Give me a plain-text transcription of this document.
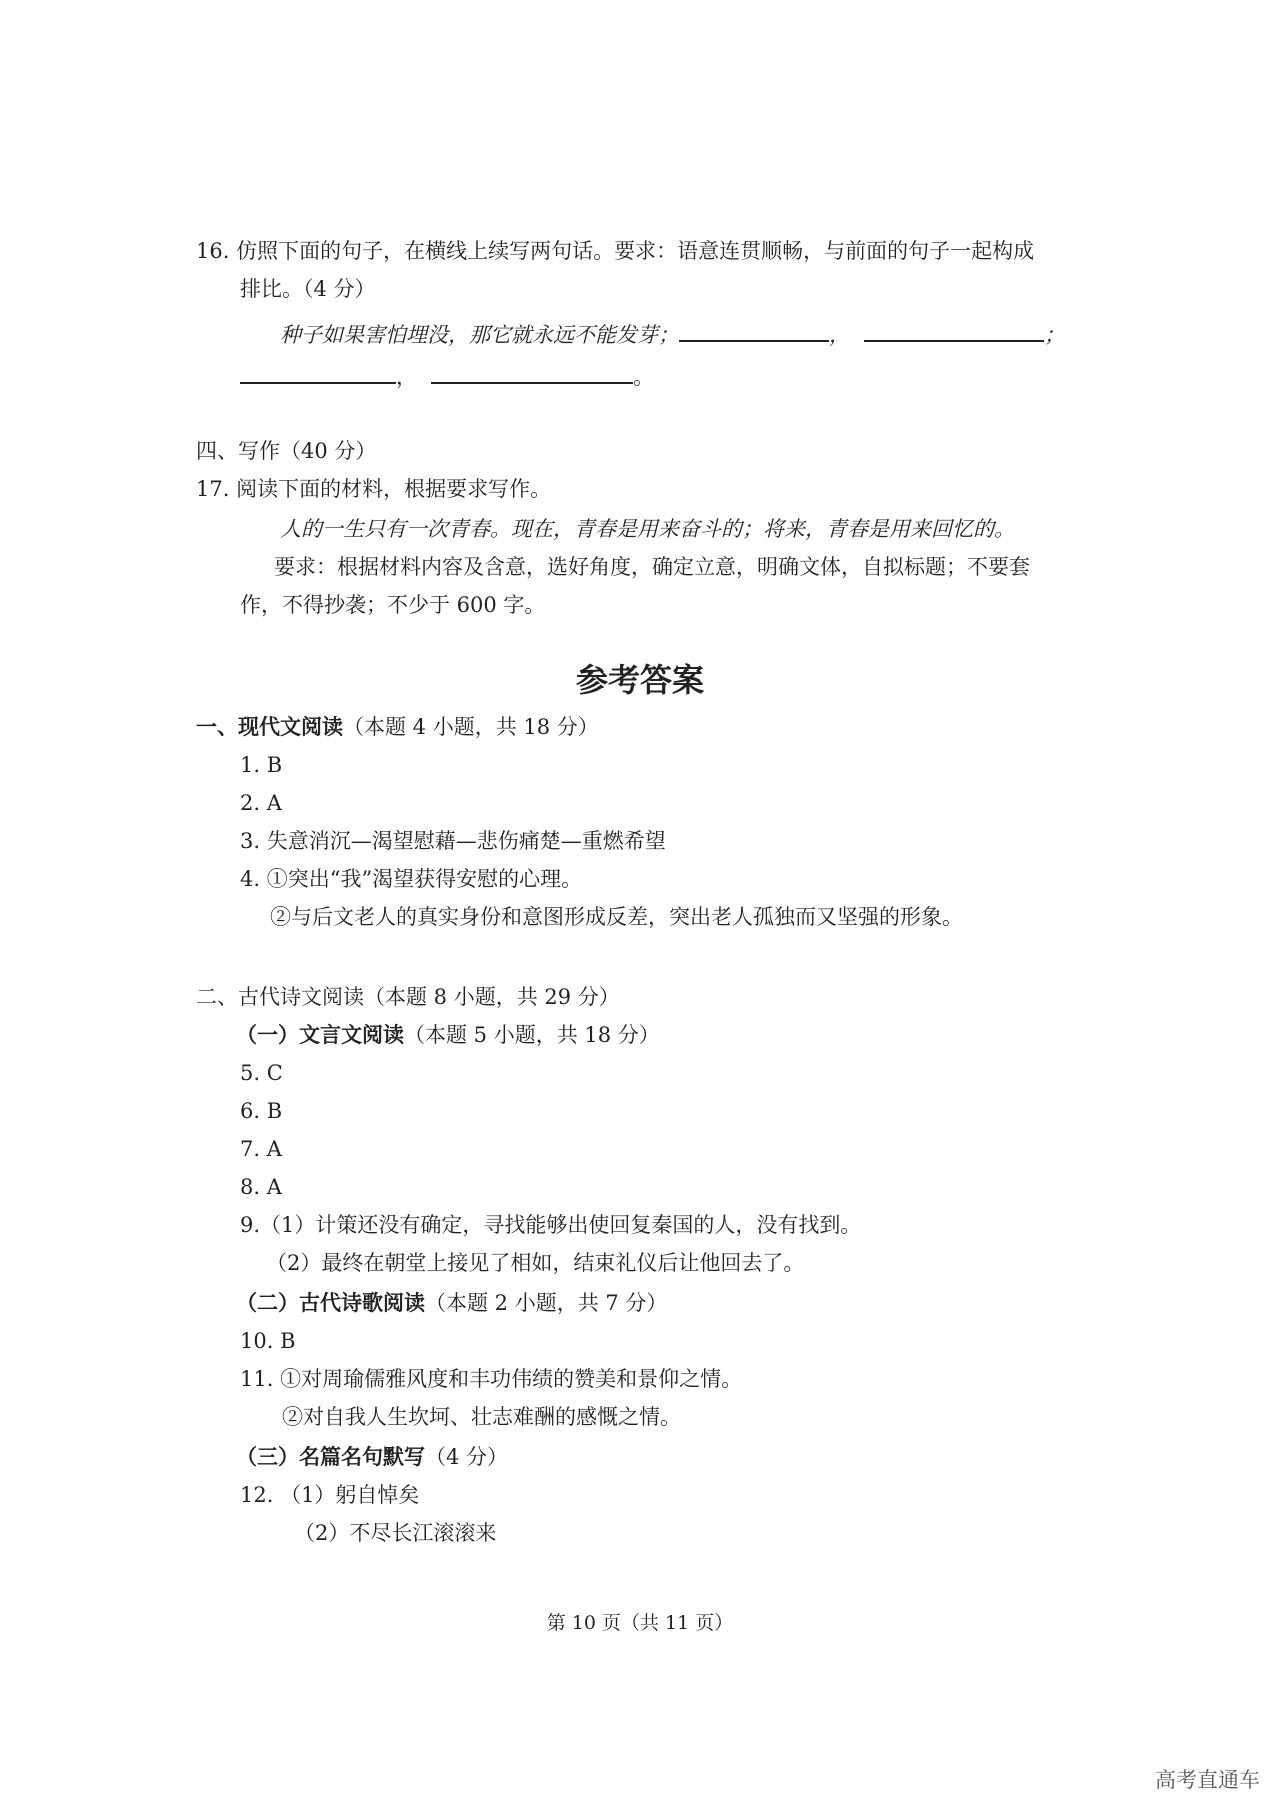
16. 仿照下面的句子，在横线上续写两句话。要求：语意连贯顺畅，与前面的句子一起构成
排比。（4 分）
种子如果害怕埋没，那它就永远不能发芽；	，	；
，	。
四、写作（40 分）
17. 阅读下面的材料，根据要求写作。
人的一生只有一次青春。现在，青春是用来奋斗的；将来，青春是用来回忆的。
要求：根据材料内容及含意，选好角度，确定立意，明确文体，自拟标题；不要套
作，不得抄袭；不少于 600 字。
参考答案
一、现代文阅读（本题 4 小题，共 18 分）
1. B
2. A
3. 失意消沉—渴望慰藉—悲伤痛楚—重燃希望
4. ①突出“我”渴望获得安慰的心理。
②与后文老人的真实身份和意图形成反差，突出老人孤独而又坚强的形象。
二、古代诗文阅读（本题 8 小题，共 29 分）
（一）文言文阅读（本题 5 小题，共 18 分）
5. C
6. B
7. A
8. A
9.（1）计策还没有确定，寻找能够出使回复秦国的人，没有找到。
（2）最终在朝堂上接见了相如，结束礼仪后让他回去了。
（二）古代诗歌阅读（本题 2 小题，共 7 分）
10. B
11. ①对周瑜儒雅风度和丰功伟绩的赞美和景仰之情。
②对自我人生坎坷、壮志难酬的感慨之情。
（三）名篇名句默写（4 分）
12. （1）躬自悼矣
（2）不尽长江滚滚来
第 10 页（共 11 页）
高考直通车
